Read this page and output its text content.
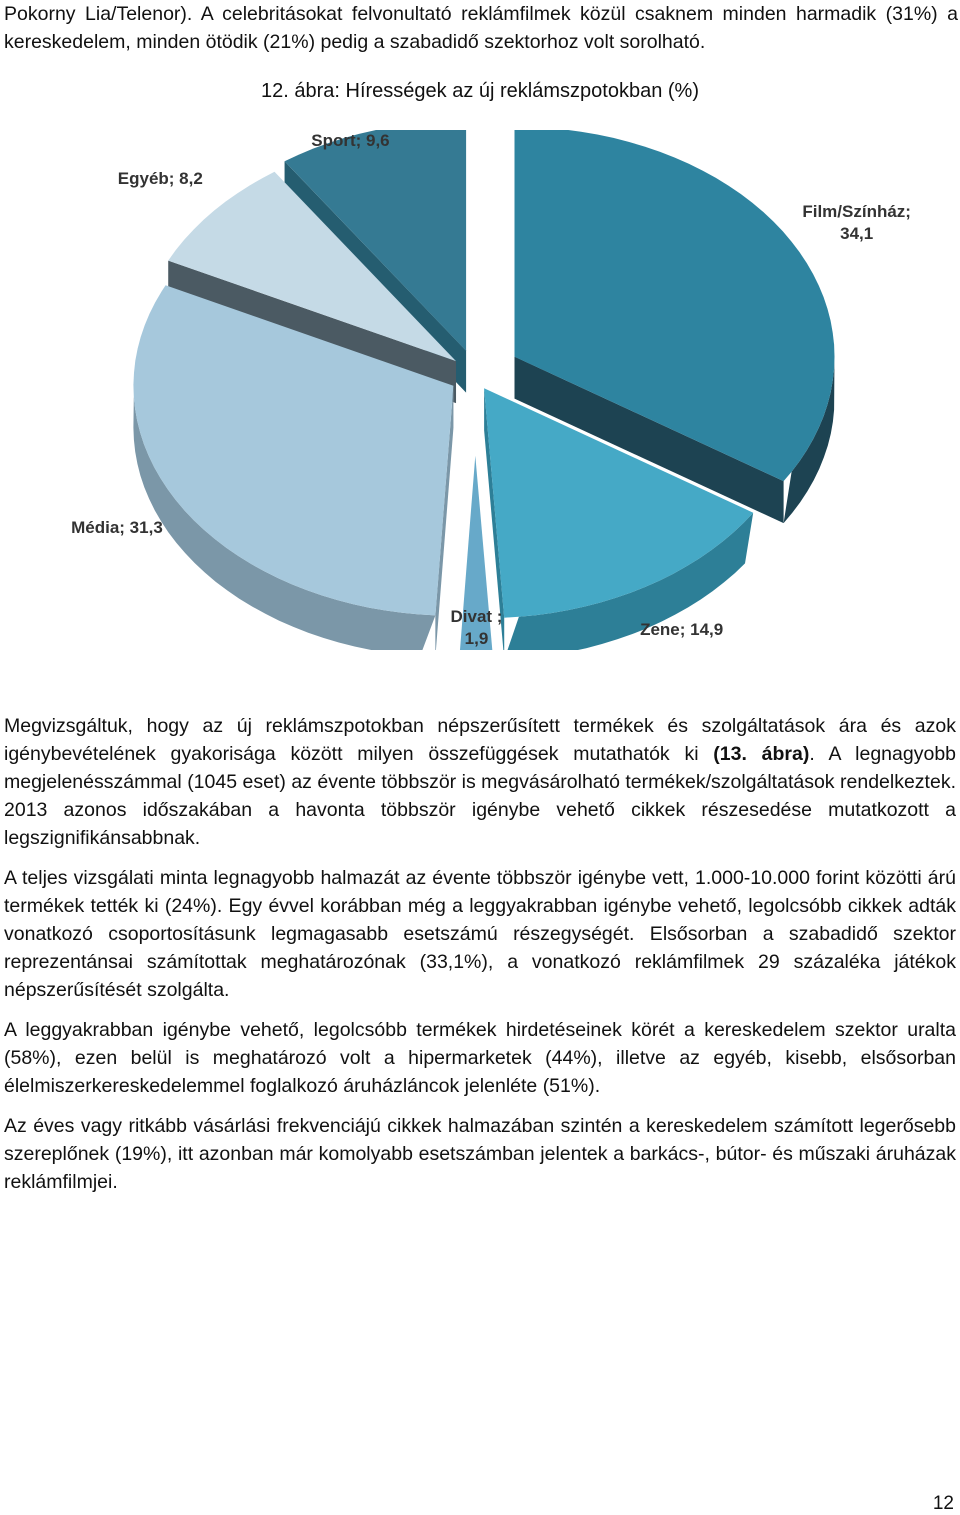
Pokorny Lia/Telenor). A celebritásokat felvonultató reklámfilmek közül csaknem minden harmadik (31%) a kereskedelem, minden ötödik (21%) pedig a szabadidő szektorhoz volt sorolható.

12. ábra: Hírességek az új reklámszpotokban (%)

Film/Színház;
34,1
Zene; 14,9
Divat ;
1,9
Média; 31,3
Egyéb; 8,2
Sport; 9,6

Megvizsgáltuk, hogy az új reklámszpotokban népszerűsített termékek és szolgáltatások ára és azok igénybevételének gyakorisága között milyen összefüggések mutathatók ki (13. ábra). A legnagyobb megjelenésszámmal (1045 eset) az évente többször is megvásárolható termékek/szolgáltatások rendelkeztek. 2013 azonos időszakában a havonta többször igénybe vehető cikkek részesedése mutatkozott a legszignifikánsabbnak.

A teljes vizsgálati minta legnagyobb halmazát az évente többször igénybe vett, 1.000-10.000 forint közötti árú termékek tették ki (24%). Egy évvel korábban még a leggyakrabban igénybe vehető, legolcsóbb cikkek adták vonatkozó csoportosításunk legmagasabb esetszámú részegységét. Elsősorban a szabadidő szektor reprezentánsai számítottak meghatározónak (33,1%), a vonatkozó reklámfilmek 29 százaléka játékok népszerűsítését szolgálta.

A leggyakrabban igénybe vehető, legolcsóbb termékek hirdetéseinek körét a kereskedelem szektor uralta (58%), ezen belül is meghatározó volt a hipermarketek (44%), illetve az egyéb, kisebb, elsősorban élelmiszerkereskedelemmel foglalkozó áruházláncok jelenléte (51%).

Az éves vagy ritkább vásárlási frekvenciájú cikkek halmazában szintén a kereskedelem számított legerősebb szereplőnek (19%), itt azonban már komolyabb esetszámban jelentek a barkács-, bútor- és műszaki áruházak reklámfilmjei.

12
